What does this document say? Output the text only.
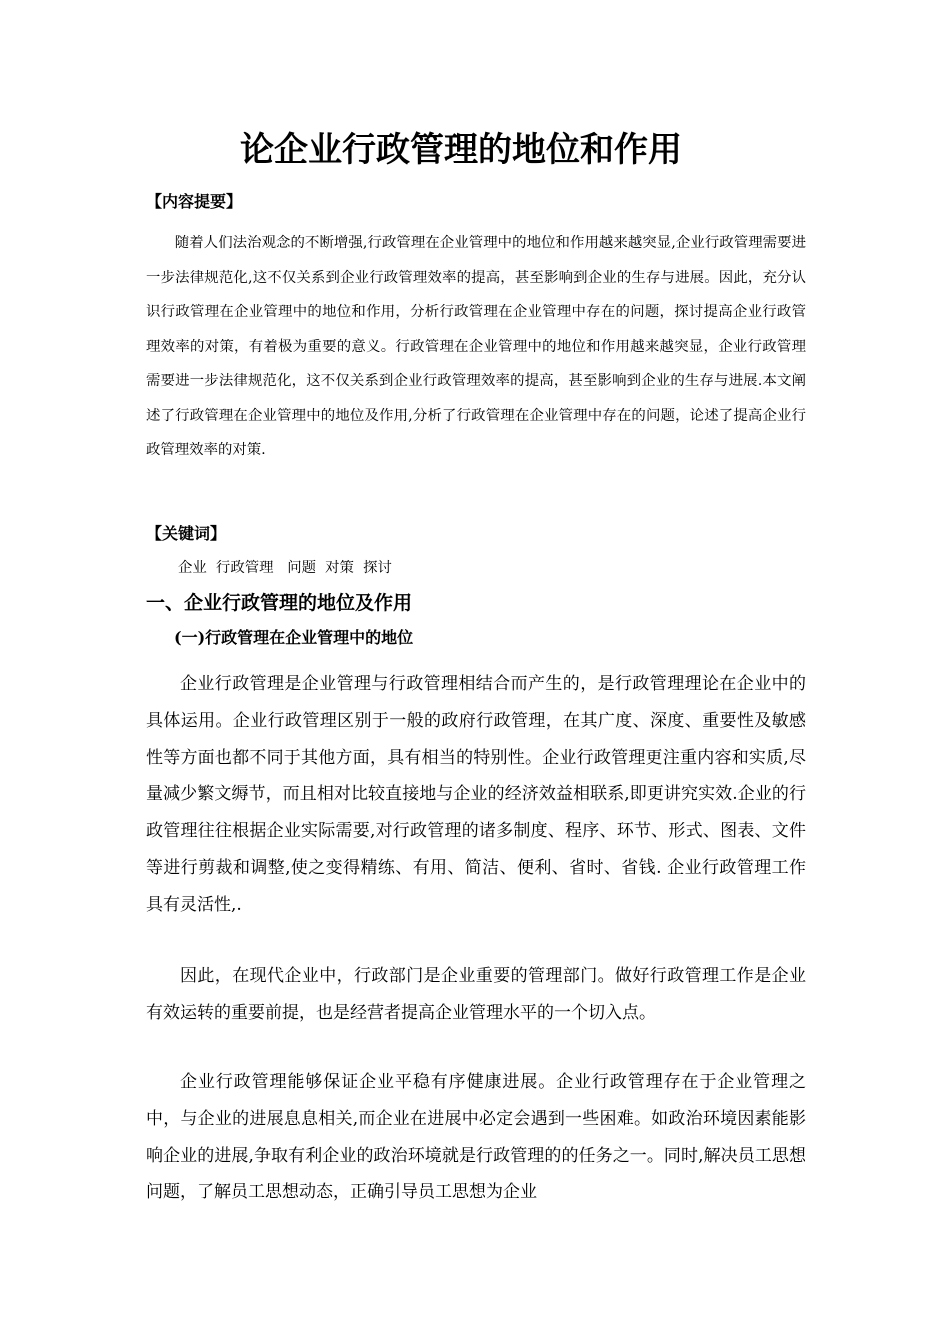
论企业行政管理的地位和作用
【内容提要】

随着人们法治观念的不断增强,行政管理在企业管理中的地位和作用越来越突显,企业行政管理需要进一步法律规范化,这不仅关系到企业行政管理效率的提高，甚至影响到企业的生存与进展。因此，充分认识行政管理在企业管理中的地位和作用，分析行政管理在企业管理中存在的问题，探讨提高企业行政管理效率的对策，有着极为重要的意义。行政管理在企业管理中的地位和作用越来越突显，企业行政管理需要进一步法律规范化，这不仅关系到企业行政管理效率的提高，甚至影响到企业的生存与进展.本文阐述了行政管理在企业管理中的地位及作用,分析了行政管理在企业管理中存在的问题，论述了提高企业行政管理效率的对策.

【关键词】
企业  行政管理   问题  对策  探讨
一、企业行政管理的地位及作用
(一)行政管理在企业管理中的地位

企业行政管理是企业管理与行政管理相结合而产生的，是行政管理理论在企业中的具体运用。企业行政管理区别于一般的政府行政管理，在其广度、深度、重要性及敏感性等方面也都不同于其他方面，具有相当的特别性。企业行政管理更注重内容和实质,尽量减少繁文缛节，而且相对比较直接地与企业的经济效益相联系,即更讲究实效.企业的行政管理往往根据企业实际需要,对行政管理的诸多制度、程序、环节、形式、图表、文件等进行剪裁和调整,使之变得精练、有用、简洁、便利、省时、省钱. 企业行政管理工作具有灵活性,.

因此，在现代企业中，行政部门是企业重要的管理部门。做好行政管理工作是企业有效运转的重要前提，也是经营者提高企业管理水平的一个切入点。

企业行政管理能够保证企业平稳有序健康进展。企业行政管理存在于企业管理之中，与企业的进展息息相关,而企业在进展中必定会遇到一些困难。如政治环境因素能影响企业的进展,争取有利企业的政治环境就是行政管理的的任务之一。同时,解决员工思想问题，了解员工思想动态，正确引导员工思想为企业
